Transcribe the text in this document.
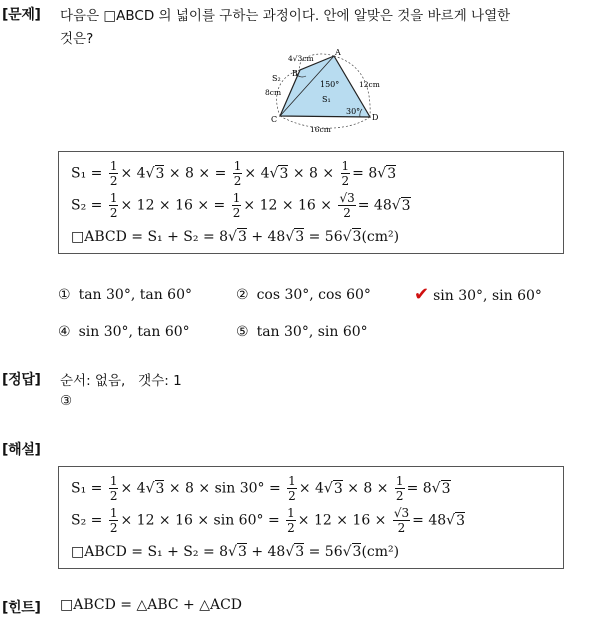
[문제] 다음은 □ABCD 의 넓이를 구하는 과정이다. 안에 알맞은 것을 바르게 나열한
것은?
A
B
C	D
4√3cm
12cm
8cm
16cm
150°
30°
S₁
S₂
$S_1 = \frac{1}{2} \times 4√3 \times 8$ × = $\frac{1}{2} \times 4√3 \times 8 \times \frac{1}{2} = 8√3$
$S_2 = \frac{1}{2} \times 12 \times 16$ × = $\frac{1}{2} \times 12 \times 16 \times \frac{√3}{2} = 48√3$
□ABCD = S₁ + S₂ = 8√3 + 48√3 = 56√3(cm²)
① tan 30°, tan 60°	② cos 30°, cos 60° ✔ sin 30°, sin 60°
④ sin 30°, tan 60°	⑤ tan 30°, sin 60°
[정답] 순서: 없음,   갯수: 1
③
[해설]
$S_1 = \frac{1}{2} \times 4√3 \times 8 \times \sin 30^\circ = \frac{1}{2} \times 4√3 \times 8 \times \frac{1}{2} = 8√3$
$S_2 = \frac{1}{2} \times 12 \times 16 \times \sin 60^\circ = \frac{1}{2} \times 12 \times 16 \times \frac{√3}{2} = 48√3$
□ABCD = S₁ + S₂ = 8√3 + 48√3 = 56√3(cm²)
[힌트] □ABCD = △ABC + △ACD
